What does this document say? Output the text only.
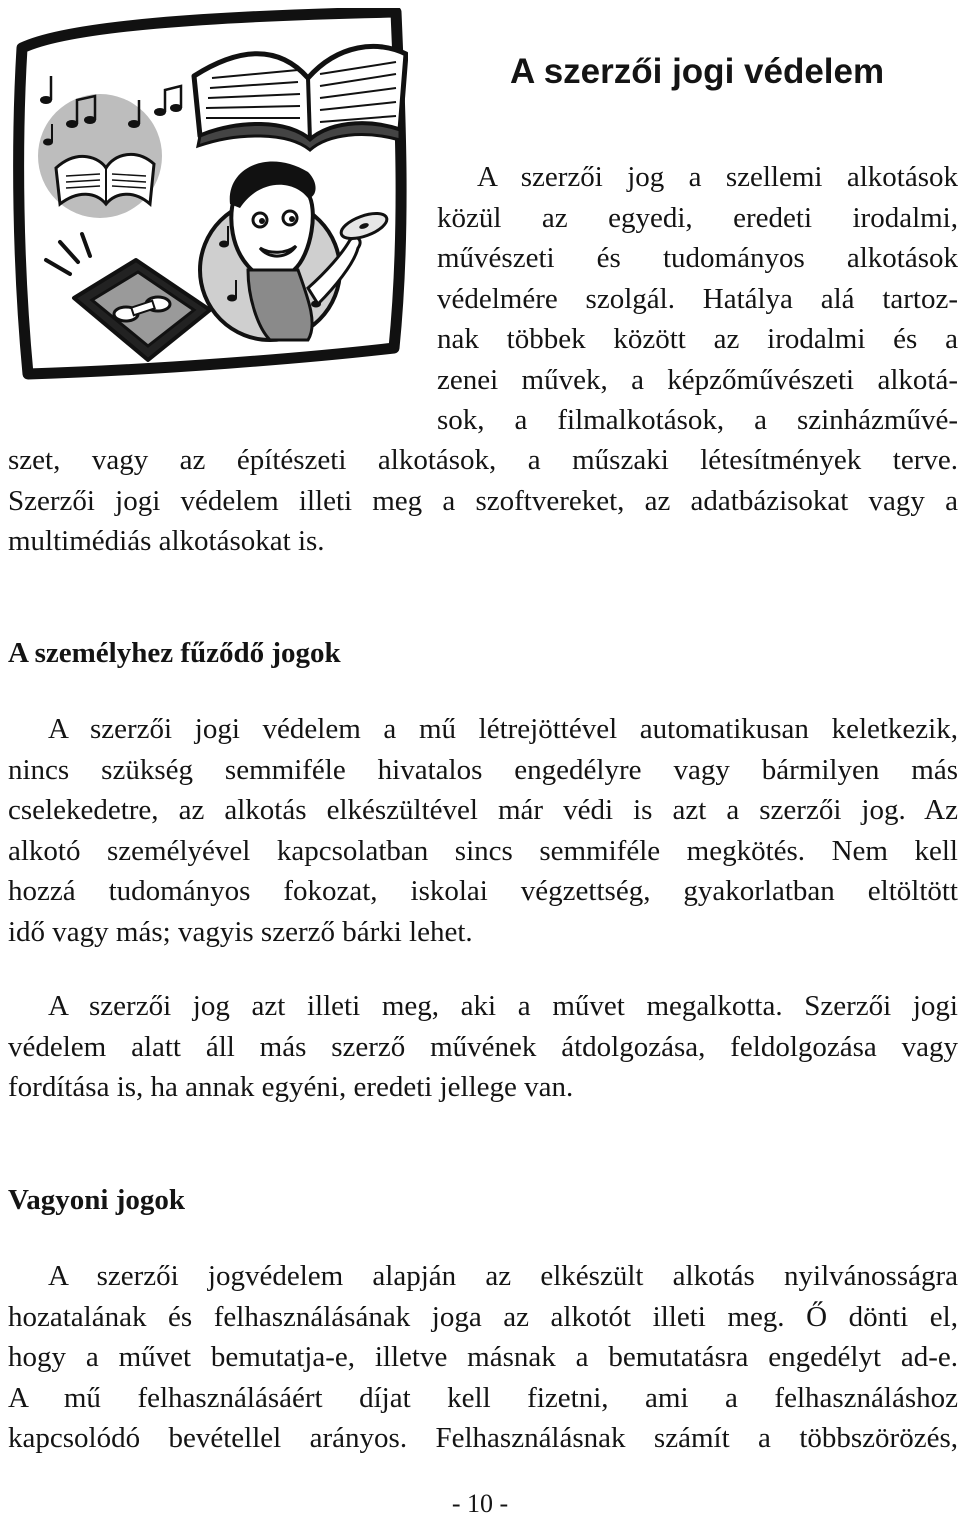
A szerzői jogi védelem

A szerzői jog a szellemi alkotások
közül az egyedi, eredeti irodalmi,
művészeti és tudományos alkotások
védelmére szolgál. Hatálya alá tartoz-
nak többek között az irodalmi és a
zenei művek, a képzőművészeti alkotá-
sok, a filmalkotások, a szinházművé-

szet, vagy az építészeti alkotások, a műszaki létesítmények terve.
Szerzői jogi védelem illeti meg a szoftvereket, az adatbázisokat vagy a
multimédiás alkotásokat is.

A személyhez fűződő jogok

A szerzői jogi védelem a mű létrejöttével automatikusan keletkezik,
nincs szükség semmiféle hivatalos engedélyre vagy bármilyen más
cselekedetre, az alkotás elkészültével már védi is azt a szerzői jog. Az
alkotó személyével kapcsolatban sincs semmiféle megkötés. Nem kell
hozzá tudományos fokozat, iskolai végzettség, gyakorlatban eltöltött
idő vagy más; vagyis szerző bárki lehet.

A szerzői jog azt illeti meg, aki a művet megalkotta. Szerzői jogi
védelem alatt áll más szerző művének átdolgozása, feldolgozása vagy
fordítása is, ha annak egyéni, eredeti jellege van.

Vagyoni jogok

A szerzői jogvédelem alapján az elkészült alkotás nyilvánosságra
hozatalának és felhasználásának joga az alkotót illeti meg. Ő dönti el,
hogy a művet bemutatja-e, illetve másnak a bemutatásra engedélyt ad-e.
A mű felhasználásáért díjat kell fizetni, ami a felhasználáshoz
kapcsolódó bevétellel arányos. Felhasználásnak számít a többszörözés,

- 10 -
